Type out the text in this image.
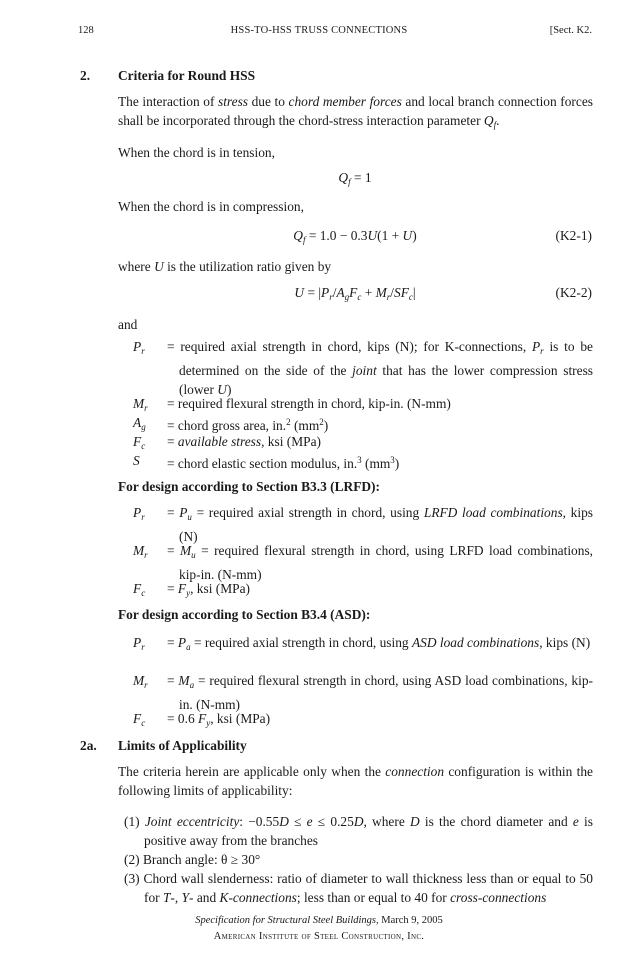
128	HSS-TO-HSS TRUSS CONNECTIONS	[Sect. K2.
2. Criteria for Round HSS
The interaction of stress due to chord member forces and local branch connection forces shall be incorporated through the chord-stress interaction parameter $Q_f$.
When the chord is in tension,
$Q_f = 1$
When the chord is in compression,
$Q_f = 1.0 - 0.3U(1 + U)$	(K2-1)
where U is the utilization ratio given by
$U = |P_r/A_gF_c + M_r/SF_c|$	(K2-2)
and
$P_r$	= required axial strength in chord, kips (N); for K-connections, $P_r$ is to be determined on the side of the joint that has the lower compression stress (lower U)
$M_r$	= required flexural strength in chord, kip-in. (N-mm)
$A_g$	= chord gross area, in.$^2$ $(mm^2)$
$F_c$	= available stress, ksi (MPa)
S	= chord elastic section modulus, in.$^3$ $(mm^3)$
For design according to Section B3.3 (LRFD):
$P_r$	= $P_u$ = required axial strength in chord, using LRFD load combinations, kips (N)
$M_r$	= $M_u$ = required flexural strength in chord, using LRFD load combinations, kip-in. (N-mm)
$F_c$	= $F_y$, ksi (MPa)
For design according to Section B3.4 (ASD):
$P_r$	= $P_a$ = required axial strength in chord, using ASD load combinations, kips (N)
$M_r$	= $M_a$ = required flexural strength in chord, using ASD load combinations, kip-in. (N-mm)
$F_c$	= 0.6 $F_y$, ksi (MPa)
2a. Limits of Applicability
The criteria herein are applicable only when the connection configuration is within the following limits of applicability:
(1) Joint eccentricity: −0.55D ≤ e ≤ 0.25D, where D is the chord diameter and e is positive away from the branches
(2) Branch angle: θ ≥ 30°
(3) Chord wall slenderness: ratio of diameter to wall thickness less than or equal to 50 for T-, Y- and K-connections; less than or equal to 40 for cross-connections
Specification for Structural Steel Buildings, March 9, 2005
American Institute of Steel Construction, Inc.
